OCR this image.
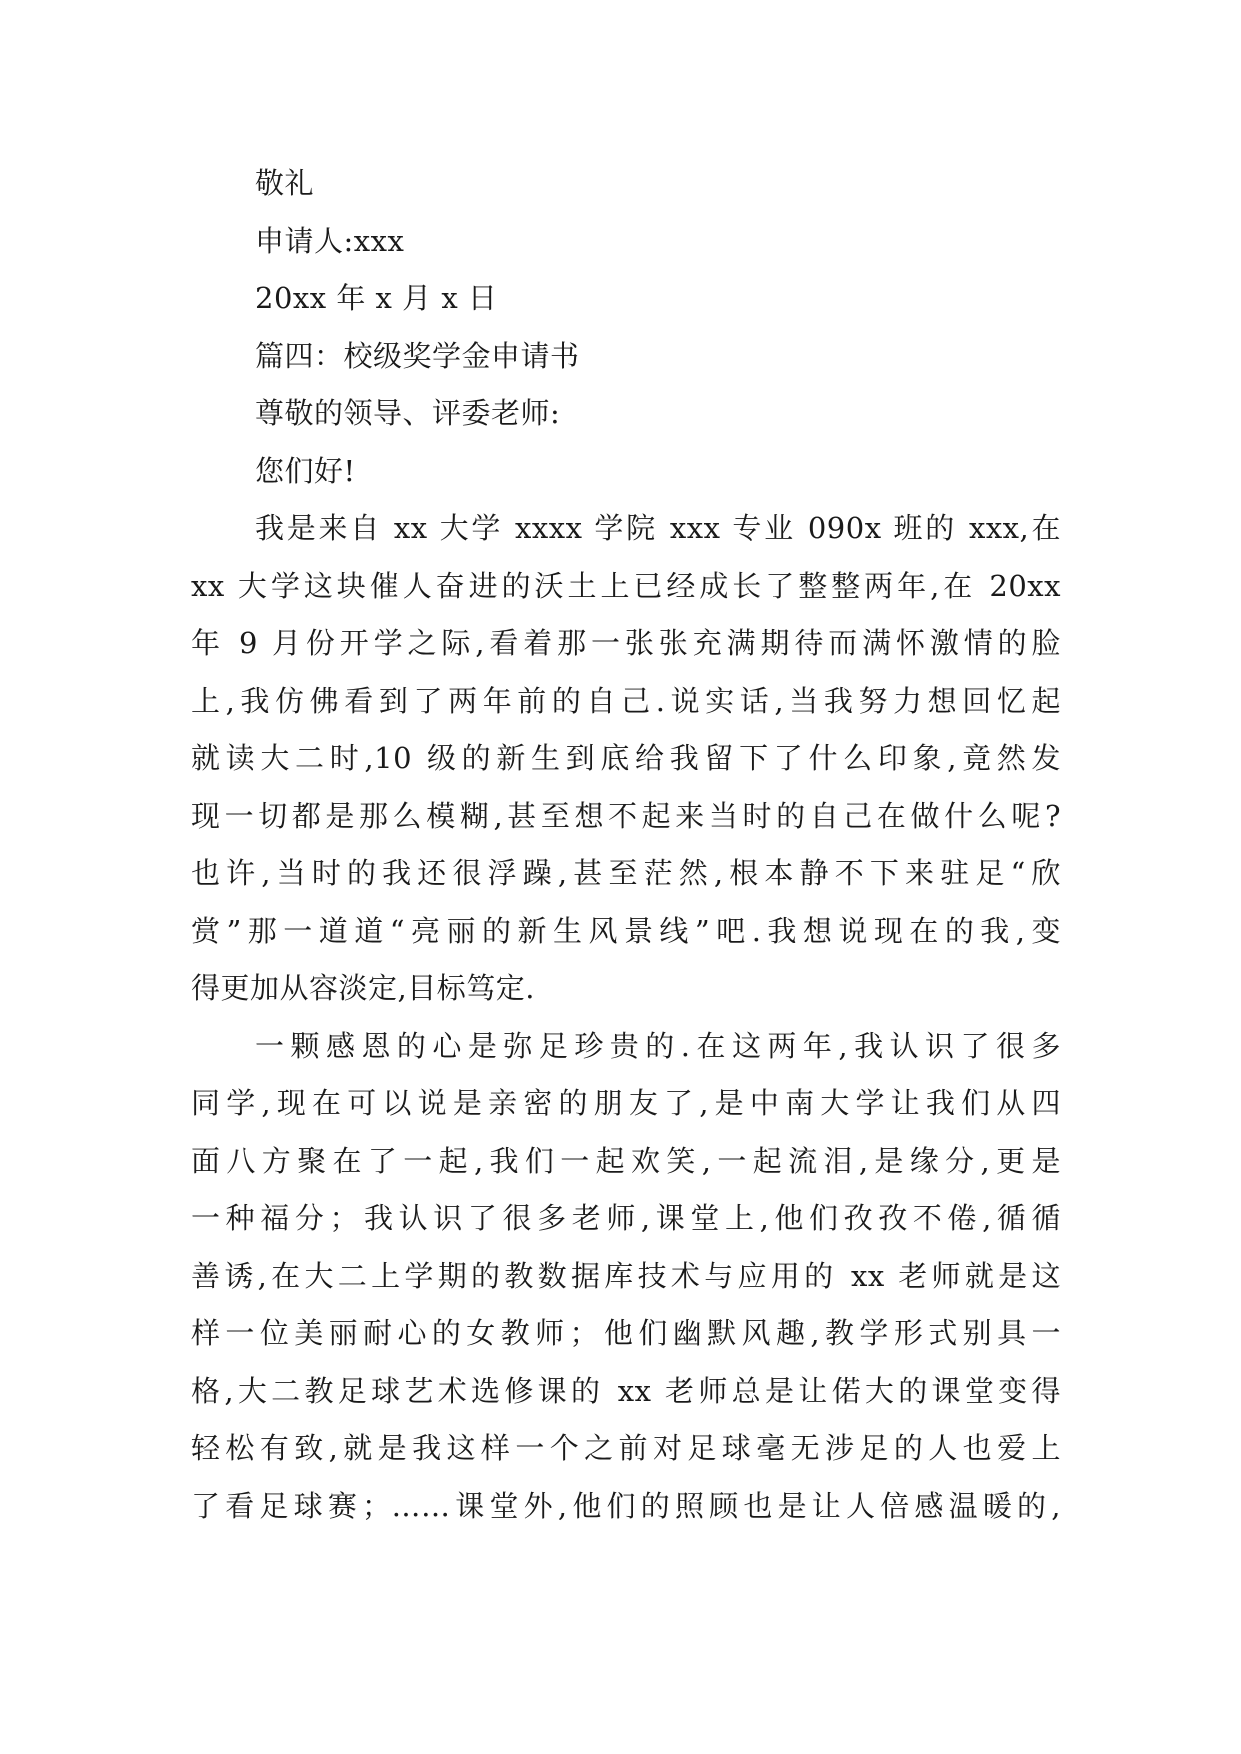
敬礼
申请人:xxx
20xx 年 x 月 x 日
篇四：校级奖学金申请书
尊敬的领导、评委老师:
您们好!
我是来自 xx 大学 xxxx 学院 xxx 专业 090x 班的 xxx,在
xx 大学这块催人奋进的沃土上已经成长了整整两年,在 20xx
年 9 月份开学之际,看着那一张张充满期待而满怀激情的脸
上,我仿佛看到了两年前的自己.说实话,当我努力想回忆起
就读大二时,10 级的新生到底给我留下了什么印象,竟然发
现一切都是那么模糊,甚至想不起来当时的自己在做什么呢?
也许,当时的我还很浮躁,甚至茫然,根本静不下来驻足“欣
赏”那一道道“亮丽的新生风景线”吧.我想说现在的我,变
得更加从容淡定,目标笃定.
一颗感恩的心是弥足珍贵的.在这两年,我认识了很多
同学,现在可以说是亲密的朋友了,是中南大学让我们从四
面八方聚在了一起,我们一起欢笑,一起流泪,是缘分,更是
一种福分；我认识了很多老师,课堂上,他们孜孜不倦,循循
善诱,在大二上学期的教数据库技术与应用的 xx 老师就是这
样一位美丽耐心的女教师；他们幽默风趣,教学形式别具一
格,大二教足球艺术选修课的 xx 老师总是让偌大的课堂变得
轻松有致,就是我这样一个之前对足球毫无涉足的人也爱上
了看足球赛；……课堂外,他们的照顾也是让人倍感温暖的,
